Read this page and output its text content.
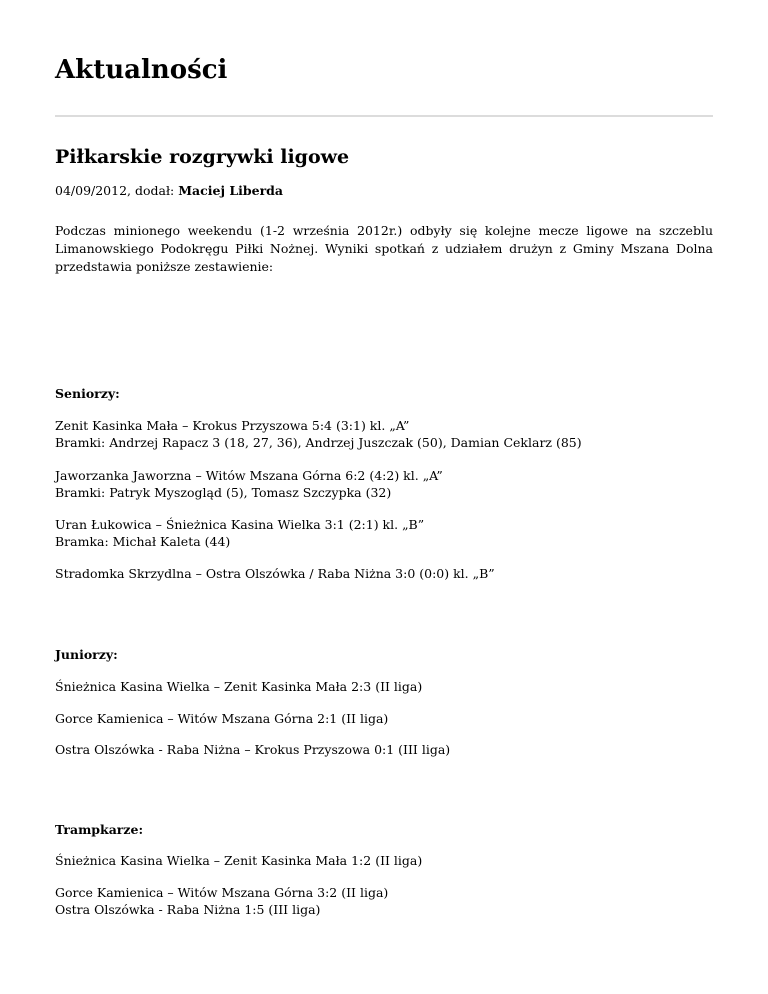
Aktualności
Piłkarskie rozgrywki ligowe
04/09/2012, dodał: Maciej Liberda

Podczas minionego weekendu (1-2 września 2012r.) odbyły się kolejne mecze ligowe na szczeblu Limanowskiego Podokręgu Piłki Nożnej. Wyniki spotkań z udziałem drużyn z Gminy Mszana Dolna przedstawia poniższe zestawienie:

Seniorzy:
Zenit Kasinka Mała – Krokus Przyszowa 5:4 (3:1) kl. „A”
Bramki: Andrzej Rapacz 3 (18, 27, 36), Andrzej Juszczak (50), Damian Ceklarz (85)
Jaworzanka Jaworzna – Witów Mszana Górna 6:2 (4:2) kl. „A”
Bramki: Patryk Myszogląd (5), Tomasz Szczypka (32)
Uran Łukowica – Śnieżnica Kasina Wielka 3:1 (2:1) kl. „B”
Bramka: Michał Kaleta (44)
Stradomka Skrzydlna – Ostra Olszówka / Raba Niżna 3:0 (0:0) kl. „B”
Juniorzy:
Śnieżnica Kasina Wielka – Zenit Kasinka Mała 2:3 (II liga)
Gorce Kamienica – Witów Mszana Górna 2:1 (II liga)
Ostra Olszówka - Raba Niżna – Krokus Przyszowa 0:1 (III liga)
Trampkarze:
Śnieżnica Kasina Wielka – Zenit Kasinka Mała 1:2 (II liga)
Gorce Kamienica – Witów Mszana Górna 3:2 (II liga)
Ostra Olszówka - Raba Niżna 1:5 (III liga)
